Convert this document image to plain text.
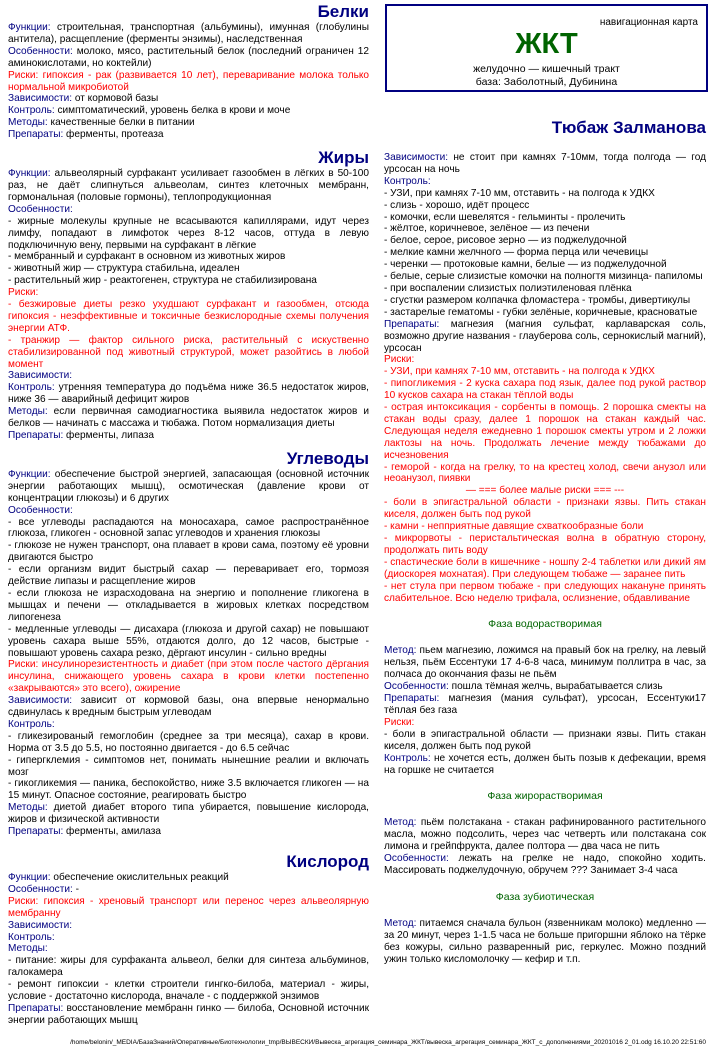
Белки

Функции: строительная, транспортная (альбумины), имунная (глобулины антитела), расщепление (ферменты энзимы), наследственная

Особенности: молоко, мясо, растительный белок (последний ограничен 12 аминокислотами, но коктейли)

Риски: гипоксия - рак (развивается 10 лет), переваривание молока только нормальной микробиотой

Зависимости: от кормовой базы

Контроль: симптоматический, уровень белка в крови и моче

Методы: качественные белки в питании

Препараты: ферменты, протеаза

Жиры

Функции: альвеолярный сурфакант усиливает газообмен в лёгких в 50-100 раз, не даёт слипнуться альвеолам, синтез клеточных мембранн, гормональная (половые гормоны), теплопродукционная

Особенности:

- жирные молекулы крупные не всасываются капиллярами, идут через лимфу, попадают в лимфоток через 8-12 часов, оттуда в левую подключичную вену, первыми на сурфакант в лёгкие

- мембранный и сурфакант в основном из животных жиров

- животный жир — структура стабильна, идеален

- растительный жир - реактогенен, структура не стабилизирована

Риски:

- безжировые диеты резко ухудшают сурфакант и газообмен, отсюда гипоксия - неэффективные и токсичные безкислородные схемы получения энергии АТФ.

- транжир — фактор сильного риска, растительный с искуственно стабилизированной под животный структурой, может разойтись в любой момент

Зависимости:

Контроль: утренняя температура до подъёма ниже 36.5 недостаток жиров, ниже 36 — аварийный дефицит жиров

Методы: если первичная самодиагностика выявила недостаток жиров и белков — начинать с массажа и тюбажа. Потом нормализация диеты

Препараты: ферменты, липаза

Углеводы

Функции: обеспечение быстрой энергией, запасающая (основной источник энергии работающих мышц), осмотическая (давление крови от концентрации глюкозы) и 6 других

Особенности:

- все углеводы распадаются на моносахара, самое распространённое глюкоза, гликоген - основной запас углеводов и хранения глюкозы

- глюкозе не нужен транспорт, она плавает в крови сама, поэтому её уровни двигаются быстро

- если организм видит быстрый сахар — переваривает его, тормозя действие липазы и расщепление жиров

- если глюкоза не израсходована на энергию и пополнение гликогена в мышцах и печени — откладывается в жировых клетках посредством липогенеза

- медленные углеводы — дисахара (глюкоза и другой сахар) не повышают уровень сахара выше 55%, отдаются долго, до 12 часов, быстрые - повышают уровень сахара резко, дёргают инсулин - сильно вредны

Риски: инсулинорезистентность и диабет (при этом после частого дёргания инсулина, снижающего уровень сахара в крови клетки постепенно «закрываются» это всего), ожирение

Зависимости: зависит от кормовой базы, она впервые ненормально сдвинулась к вредным быстрым углеводам

Контроль:

- гликезированый гемоглобин (среднее за три месяца), сахар в крови. Норма от 3.5 до 5.5, но постоянно двигается - до 6.5 сейчас

- гипергклемия - симптомов нет, понимать нынешние реалии и включать мозг

- гикогликемия — паника, беспокойство, ниже 3.5 включается гликоген — на 15 минут. Опасное состояние, реагировать быстро

Методы: диетой диабет второго типа убирается, повышение кислорода, жиров и физической активности

Препараты: ферменты, амилаза

Кислород

Функции: обеспечение окислительных реакций

Особенности: -

Риски: гипоксия - хреновый транспорт или перенос через альвеолярную мембранну

Зависимости:

Контроль:

Методы:

- питание: жиры для сурфаканта альвеол, белки для синтеза альбуминов, галокамера

- ремонт гипоксии - клетки строители гингко-билоба, материал - жиры, условие - достаточно кислорода, вначале - с поддержкой энзимов

Препараты: восстановление мембранн гинко — билоба, Основной источник энергии работающих мышц

навигационная карта
ЖКТ
желудочно — кишечный тракт
база: Заболотный, Дубинина
Тюбаж Залманова

Зависимости: не стоит при камнях 7-10мм, тогда полгода — год урсосан на ночь

Контроль:

- УЗИ, при камнях 7-10 мм, отставить - на полгода к УДКХ

- слизь - хорошо, идёт процесс

- комочки, если шевелятся - гельминты - пролечить

- жёлтое, коричневое, зелёное — из печени

- белое, серое, рисовое зерно — из поджелудочной

- мелкие камни желчного — форма перца или чечевицы

- черенки — протоковые камни, белые — из поджелудочной

- белые, серые слизистые комочки на полногтя мизинца- папиломы

- при воспалении слизистых полиэтиленовая плёнка

- сгустки размером колпачка фломастера - тромбы, дивертикулы

- застарелые гематомы - губки зелёные, коричневые, красноватые

Препараты: магнезия (магния сульфат, карлаварская соль, возможно другие названия - глауберова соль, сернокислый магний), урсосан

Риски:

- УЗИ, при камнях 7-10 мм, отставить - на полгода к УДКХ

- пипогликемия - 2 куска сахара под язык, далее под рукой раствор 10 кусков сахара на стакан тёплой воды

- острая интоксикация - сорбенты в помощь. 2 порошка смекты на стакан воды сразу, далее 1 порошок на стакан каждый час. Следующая неделя ежедневно 1 порошок смекты утром и 2 ложки лактозы на ночь. Продолжать лечение между тюбажами до исчезновения

- геморой - когда на грелку, то на крестец холод, свечи анузол или неоанузол, пиявки

— === более малые риски === ---

- боли в эпигастральной области - признаки язвы. Пить стакан киселя, должен быть под рукой

- камни - непприятные давящие схваткообразные боли

- микрорвоты - перистальтическая волна в обратную сторону, продолжать пить воду

- спастические боли в кишечнике - ношпу 2-4 таблетки или дикий ям (диоскорея мохнатая). При следующем тюбаже — заранее пить

- нет стула при первом тюбаже - при следующих накануне принять слабительное. Всю неделю трифала, ослизнение, обдавливание

Фаза водорастворимая

Метод: пьем магнезию, ложимся на правый бок на грелку, на левый нельзя, пьём Ессентуки 17 4-6-8 часа, минимум поллитра в час, за полчаса до окончания фазы не пьём

Особенности: пошла тёмная желчь, вырабатывается слизь

Препараты: магнезия (мания сульфат), урсосан, Ессентуки17 тёплая без газа

Риски:

- боли в эпигастральной области — признаки язвы. Пить стакан киселя, должен быть под рукой

Контроль: не хочется есть, должен быть позыв к дефекации, время на горшке не считается

Фаза жирорастворимая

Метод: пьём полстакана - стакан рафинированного растительного масла, можно подсолить, через час четверть или полстакана сок лимона и грейпфрукта, далее полтора — два часа не пить

Особенности: лежать на грелке не надо, спокойно ходить. Массировать поджелудочную, обручем ??? Занимает 3-4 часа

Фаза зубиотическая

Метод: питаемся сначала бульон (язвенникам молоко) медленно — за 20 минут, через 1-1.5 часа не больше пригоршни яблоко на тёрке без кожуры, сильно разваренный рис, геркулес. Можно поздний ужин только кисломолочку — кефир и т.п.

/home/belonin/_MEDIA/БазаЗнаний/Оперативные/Биотехнологии_tmp/ВЫВЕСКИ/Вывеска_агрегация_семинара_ЖКТ/вывеска_агрегация_семинара_ЖКТ_с_дополнениями_20201016 2_01.odg 16.10.20 22:51:60
